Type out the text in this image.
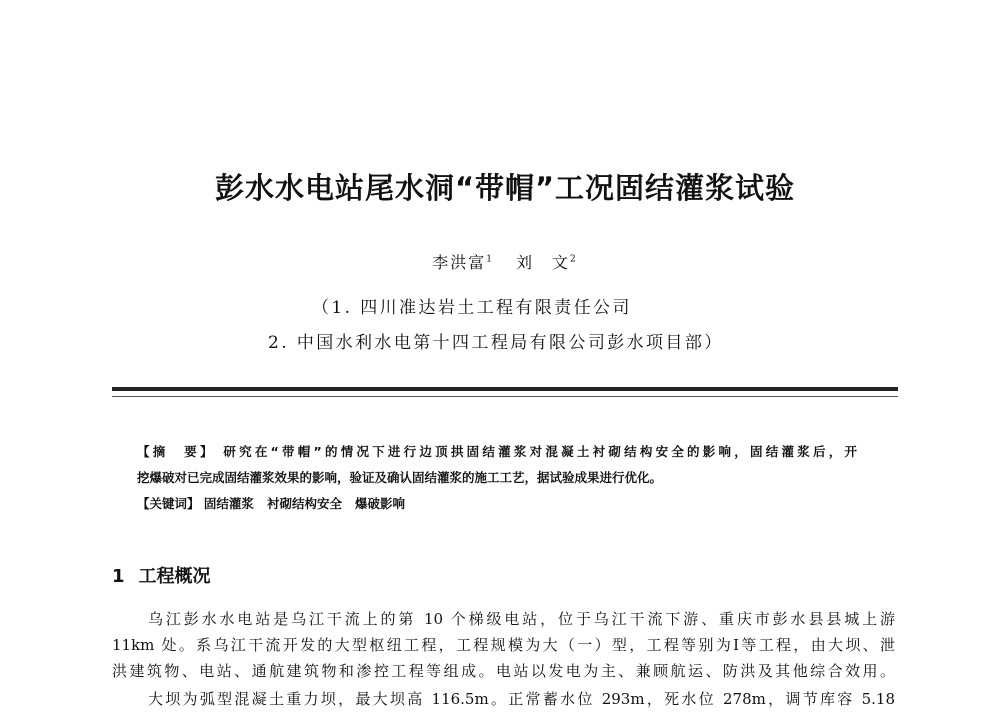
彭水水电站尾水洞“带帽”工况固结灌浆试验
李洪富$^1$ 刘　文$^2$
（1. 四川准达岩土工程有限责任公司
2. 中国水利水电第十四工程局有限公司彭水项目部）
【摘　要】 研究在“带帽”的情况下进行边顶拱固结灌浆对混凝土衬砌结构安全的影响，固结灌浆后，开
挖爆破对已完成固结灌浆效果的影响，验证及确认固结灌浆的施工工艺，据试验成果进行优化。
【关键词】 固结灌浆 衬砌结构安全 爆破影响
1 工程概况
乌江彭水水电站是乌江干流上的第 10 个梯级电站，位于乌江干流下游、重庆市彭水县县城上游
11km 处。系乌江干流开发的大型枢纽工程，工程规模为大（一）型，工程等别为Ⅰ等工程，由大坝、泄
洪建筑物、电站、通航建筑物和渗控工程等组成。电站以发电为主、兼顾航运、防洪及其他综合效用。
大坝为弧型混凝土重力坝，最大坝高 116.5m。正常蓄水位 293m，死水位 278m，调节库容 5.18
